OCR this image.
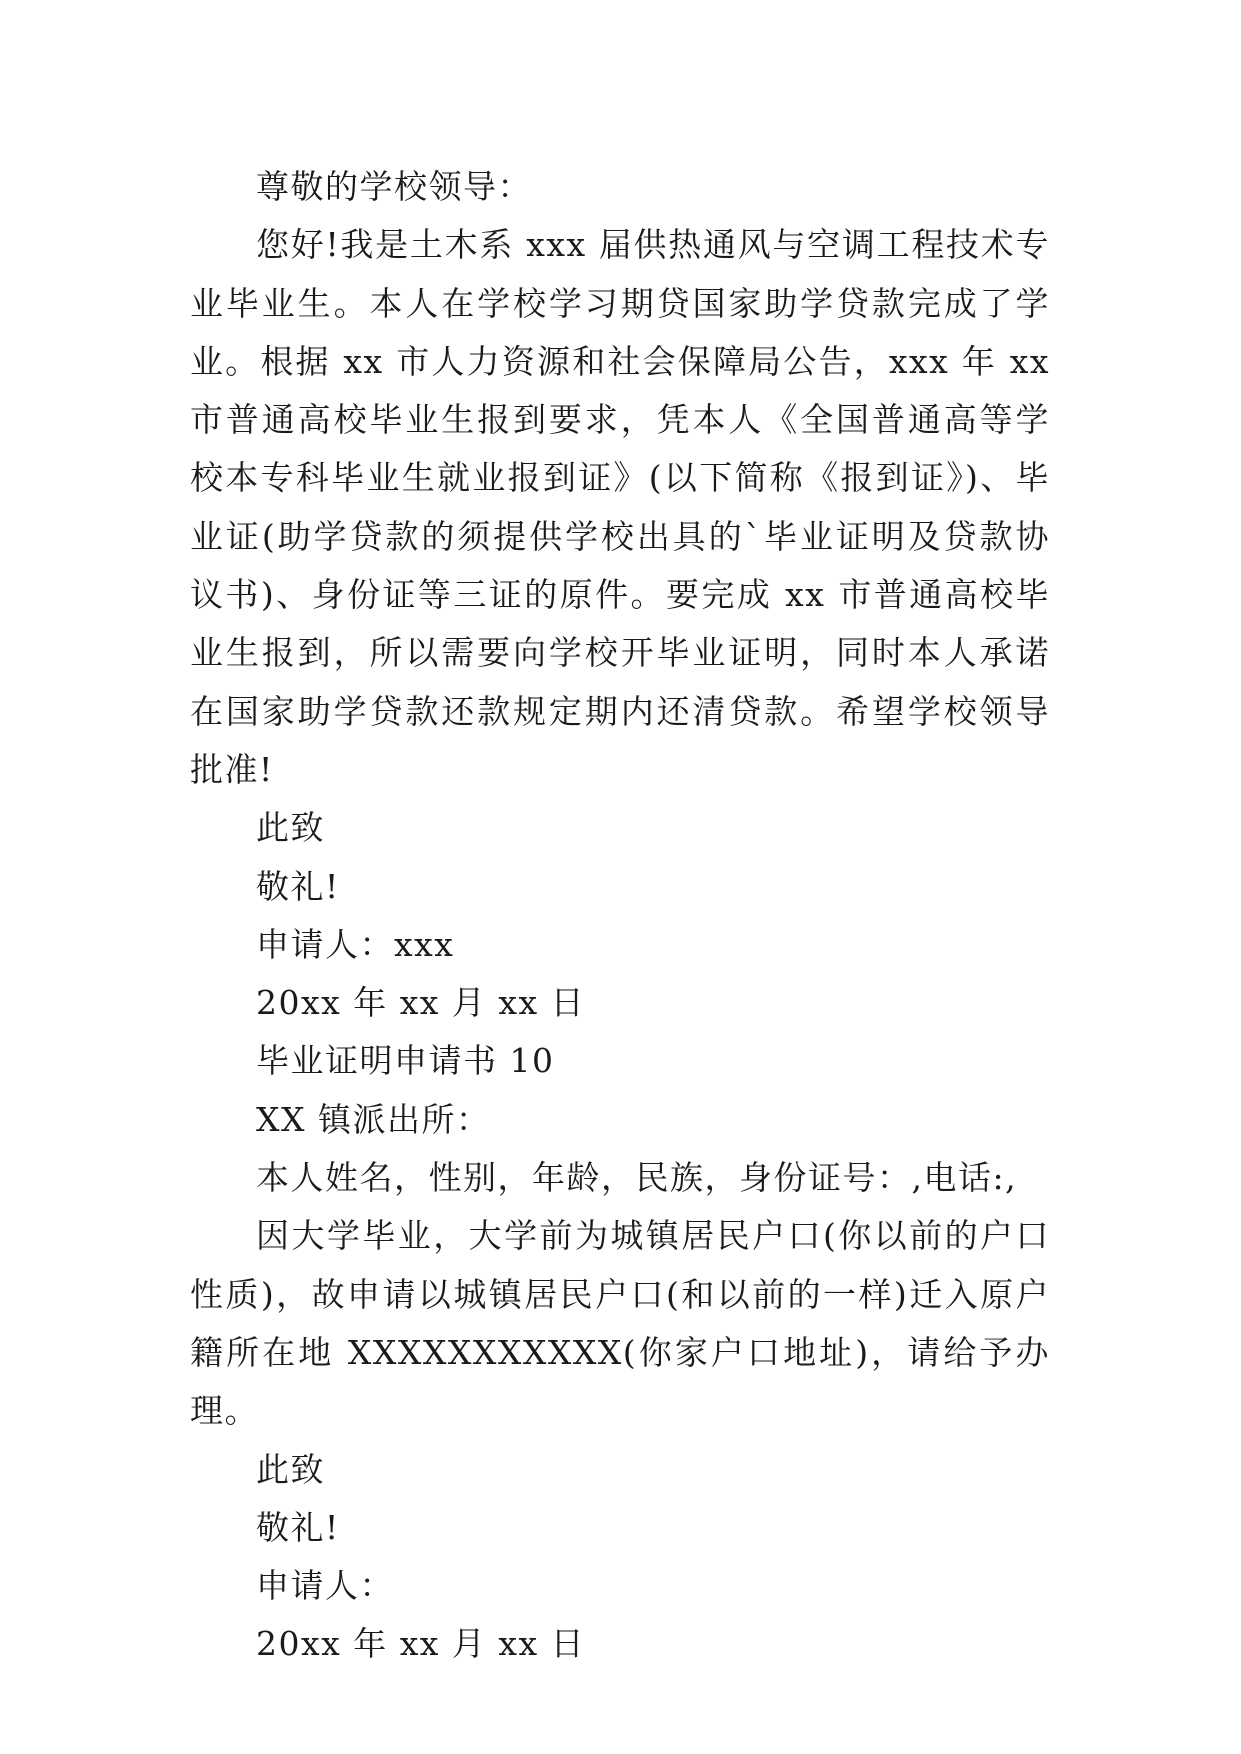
尊敬的学校领导：

您好!我是土木系 xxx 届供热通风与空调工程技术专业毕业生。本人在学校学习期贷国家助学贷款完成了学业。根据 xx 市人力资源和社会保障局公告，xxx 年 xx 市普通高校毕业生报到要求，凭本人《全国普通高等学校本专科毕业生就业报到证》(以下简称《报到证》)、毕业证(助学贷款的须提供学校出具的`毕业证明及贷款协议书)、身份证等三证的原件。要完成 xx 市普通高校毕业生报到，所以需要向学校开毕业证明，同时本人承诺在国家助学贷款还款规定期内还清贷款。希望学校领导批准!

此致

敬礼!

申请人：xxx

20xx 年 xx 月 xx 日

毕业证明申请书 10

XX 镇派出所：

本人姓名，性别，年龄，民族，身份证号：,电话:,

因大学毕业，大学前为城镇居民户口(你以前的户口性质)，故申请以城镇居民户口(和以前的一样)迁入原户籍所在地 XXXXXXXXXXX(你家户口地址)，请给予办理。

此致

敬礼!

申请人：

20xx 年 xx 月 xx 日
